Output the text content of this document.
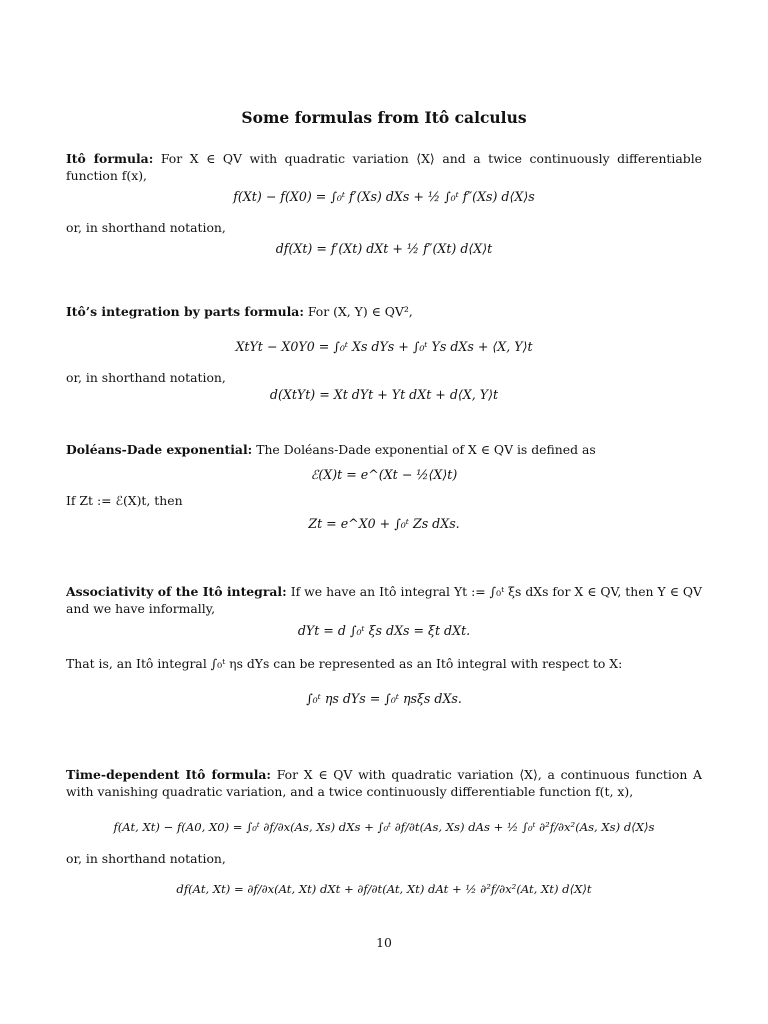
Some formulas from Itô calculus
Itô formula: For X ∈ QV with quadratic variation ⟨X⟩ and a twice continuously differentiable function f(x),
f(Xt) − f(X0) = ∫₀ᵗ f′(Xs) dXs + ½ ∫₀ᵗ f″(Xs) d⟨X⟩s
or, in shorthand notation,
df(Xt) = f′(Xt) dXt + ½ f″(Xt) d⟨X⟩t
Itô’s integration by parts formula: For (X, Y) ∈ QV²,
XtYt − X0Y0 = ∫₀ᵗ Xs dYs + ∫₀ᵗ Ys dXs + ⟨X, Y⟩t
or, in shorthand notation,
d(XtYt) = Xt dYt + Yt dXt + d⟨X, Y⟩t
Doléans-Dade exponential: The Doléans-Dade exponential of X ∈ QV is defined as
ℰ(X)t = e^(Xt − ½⟨X⟩t)
If Zt := ℰ(X)t, then
Zt = e^X0 + ∫₀ᵗ Zs dXs.
Associativity of the Itô integral: If we have an Itô integral Yt := ∫₀ᵗ ξs dXs for X ∈ QV, then Y ∈ QV and we have informally,
dYt = d ∫₀ᵗ ξs dXs = ξt dXt.
That is, an Itô integral ∫₀ᵗ ηs dYs can be represented as an Itô integral with respect to X:
∫₀ᵗ ηs dYs = ∫₀ᵗ ηsξs dXs.
Time-dependent Itô formula: For X ∈ QV with quadratic variation ⟨X⟩, a continuous function A with vanishing quadratic variation, and a twice continuously differentiable function f(t, x),
f(At, Xt) − f(A0, X0) = ∫₀ᵗ ∂f/∂x(As, Xs) dXs + ∫₀ᵗ ∂f/∂t(As, Xs) dAs + ½ ∫₀ᵗ ∂²f/∂x²(As, Xs) d⟨X⟩s
or, in shorthand notation,
df(At, Xt) = ∂f/∂x(At, Xt) dXt + ∂f/∂t(At, Xt) dAt + ½ ∂²f/∂x²(At, Xt) d⟨X⟩t
10
